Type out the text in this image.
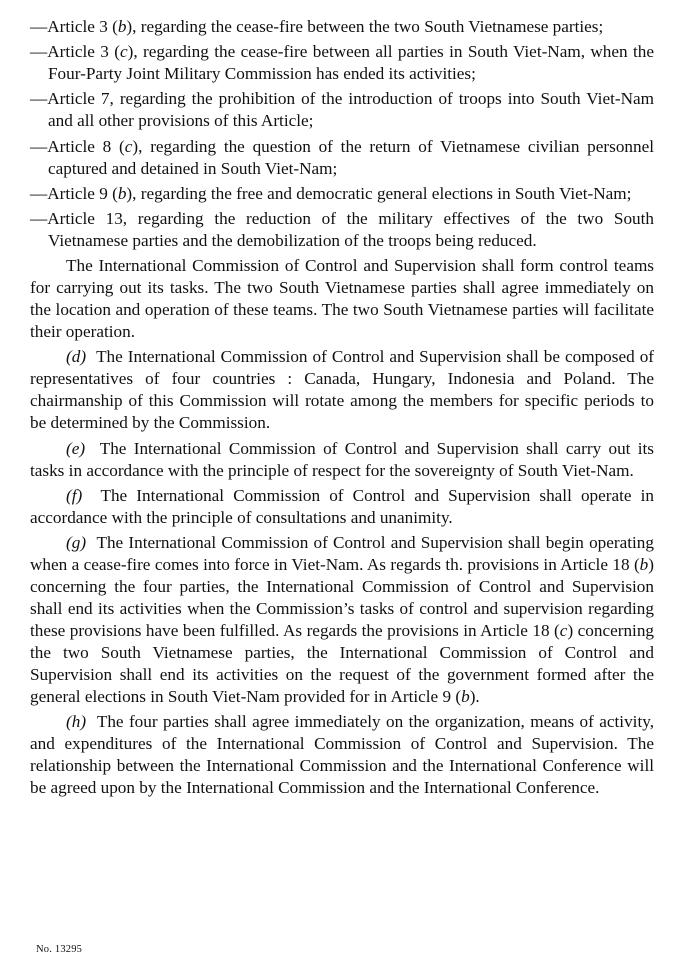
—Article 3 (b), regarding the cease-fire between the two South Vietnamese parties;

—Article 3 (c), regarding the cease-fire between all parties in South Viet-Nam, when the Four-Party Joint Military Commission has ended its activities;

—Article 7, regarding the prohibition of the introduction of troops into South Viet-Nam and all other provisions of this Article;

—Article 8 (c), regarding the question of the return of Vietnamese civilian personnel captured and detained in South Viet-Nam;

—Article 9 (b), regarding the free and democratic general elections in South Viet-Nam;

—Article 13, regarding the reduction of the military effectives of the two South Vietnamese parties and the demobilization of the troops being reduced.

The International Commission of Control and Supervision shall form control teams for carrying out its tasks. The two South Vietnamese parties shall agree immediately on the location and operation of these teams. The two South Vietnamese parties will facilitate their operation.

(d) The International Commission of Control and Supervision shall be composed of representatives of four countries : Canada, Hungary, Indonesia and Poland. The chairmanship of this Commission will rotate among the members for specific periods to be determined by the Commission.

(e) The International Commission of Control and Supervision shall carry out its tasks in accordance with the principle of respect for the sovereignty of South Viet-Nam.

(f) The International Commission of Control and Supervision shall operate in accordance with the principle of consultations and unanimity.

(g) The International Commission of Control and Supervision shall begin operating when a cease-fire comes into force in Viet-Nam. As regards th. provisions in Article 18 (b) concerning the four parties, the International Commission of Control and Supervision shall end its activities when the Commission’s tasks of control and supervision regarding these provisions have been fulfilled. As regards the provisions in Article 18 (c) concerning the two South Vietnamese parties, the International Commission of Control and Supervision shall end its activities on the request of the government formed after the general elections in South Viet-Nam provided for in Article 9 (b).

(h) The four parties shall agree immediately on the organization, means of activity, and expenditures of the International Commission of Control and Supervision. The relationship between the International Commission and the International Conference will be agreed upon by the International Commission and the International Conference.

No. 13295
